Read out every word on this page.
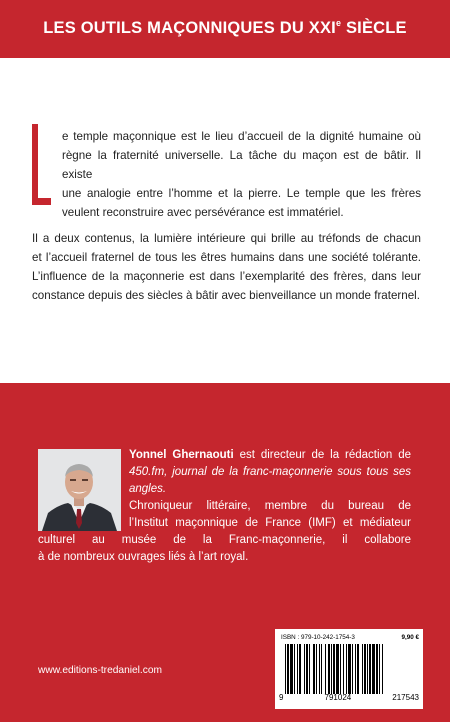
LES OUTILS MAÇONNIQUES DU XXIe SIÈCLE
e temple maçonnique est le lieu d’accueil de la dignité humaine où
règne la fraternité universelle. La tâche du maçon est de bâtir. Il existe
une analogie entre l’homme et la pierre. Le temple que les frères
veulent reconstruire avec persévérance est immatériel.
Il a deux contenus, la lumière intérieure qui brille au tréfonds de chacun
et l’accueil fraternel de tous les êtres humains dans une société tolérante.
L’influence de la maçonnerie est dans l’exemplarité des frères, dans leur
constance depuis des siècles à bâtir avec bienveillance un monde fraternel.
Yonnel Ghernaouti est directeur de la rédaction de
450.fm, journal de la franc-maçonnerie sous tous ses
angles.
Chroniqueur littéraire, membre du bureau de
l’Institut maçonnique de France (IMF) et médiateur
culturel au musée de la Franc-maçonnerie, il collabore
à de nombreux ouvrages liés à l’art royal.
ISBN : 979-10-242-1754-3	9,90 €
9	791024	217543
www.editions-tredaniel.com
